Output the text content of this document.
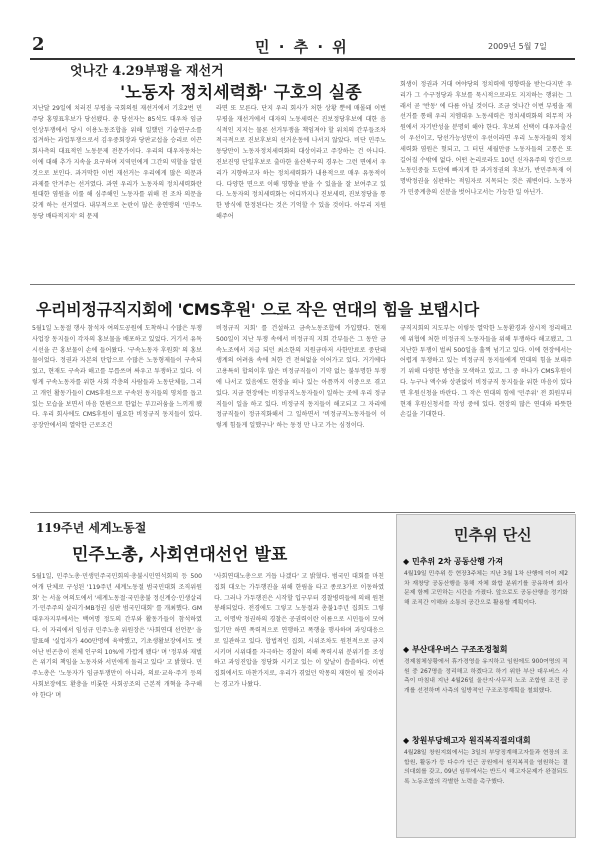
2	민 · 추 · 위	2009년 5월 7일
엇나간 4.29부평을 재선거
'노동자 정치세력화' 구호의 실종
지난달 29일에 치러진 부평을 국회의원 재선거에서 기호2번 민주당 홍영표후보가 당선됐다. 총 당선자는 85석도 대우차 임금인상투쟁에서 당시 이용노동조합을 위해 일했던 기술연구소를 집겨하는 과업투쟁으로서 김우중회장과 당판교섭을 승리로 이끈 회사측의 대표적인 노동문제 전문가이다. 우리의 대우자동차는 이에 대해 추가 지속을 요구하며 지역민에게 그간의 역할을 알린 것으로 보인다. 과거막한 이번 재선거는 우리에게 많은 의문과 과제를 안겨주는 선거였다. 과연 우리가 노동자의 정치세력화란 원대한 염원을 이룰 해 심주해인 노동자를 위해 전 조차 의문을 갖게 하는 선거였다. 내부적으로 논란이 많은 총연맹의 '민주노동당 배타적지지' 의 문제
라면 또 모른다. 단지 우리 회사가 처한 상황 뿐에 매몰돼 이번 부평을 재선거에서 대자의 노동세력은 진보정당후보에 대한 음식적인 지지는 물론 선거투쟁을 책임져야 할 위치의 간부들조차 적극적으로 진보후보의 선거운동에 나서지 않았다. 비단 민주노동당만이 노동자정치세력화의 대상이라고 주장하는 건 아니다. 진보진영 단일후보로 출마한 울산북구의 경우는 그런 면에서 우리가 지향하고자 하는 정치세력화가 내용적으로 매우 유동적이다. 다양한 면으로 이해 영향을 받을 수 있을을 잘 보여주고 있다. 노동자의 정치세력화는 어디까지나 진보세력, 진보정당을 통한 방식에 한정된다는 것은 기억할 수 있을 것이다. 아무리 지원해주어
회생이 정권과 거대 여야당의 정치력에 영향력을 받는다지만 우리가 그 수구정당과 후보를 묵시적으로라도 지지하는 행위는 그래서 곧 '반동' 에 다름 아닐 것이다. 조금 엇나간 이번 부평을 재선거를 통해 우리 지엠대우 노동세력은 정치세력화의 의무적 자원에서 자기반성을 분명히 해야 한다. 후보의 선택이 대우자출신이 우선이고, 당선가능성만이 우선이라면 우리 노동자들의 정치세력화 염원은 헛되고, 그 터딘 세월만큼 노동자들의 고통은 또 길어질 수밖에 없다. 어떤 논리로라도 10년 신자유주의 앙긴으로 노동민중들 도탄에 빠지게 한 과거정권의 후보가, 반민주독재 이명박정권을 심판하는 적임자로 지목되는 것은 궤변이다. 노동자가 민중계층의 신분을 벗어나고서는 가능한 일 아닌가.
우리비정규직지회에 'CMS후원' 으로 작은 연대의 힘을 보탭시다
5월1일 노동절 행사 참석자 여의도공원에 도착하니 수많은 투쟁사업장 동지들이 각자의 홍보물을 배포하고 있었다. 거기서 유독 시선을 끈 홍보물이 손에 들어왔다. '구속노동자 후원회' 의 홍보물이었다. 정권과 자본의 탄압으로 수많은 노동형제들이 구속되었고, 현재도 구속과 해고를 무릅쓰며 싸우고 투쟁하고 있다. 이렇게 구속노동자를 위한 사회 각층의 사람들과 노동단체들, 그리고 개인 활동가들이 CMS후원으로 구속된 동지들의 영치를 돕고 있는 모습을 보면서 마음 한편으로 한없는 부끄러움을 느끼게 됐다. 우리 회사에도 CMS후원이 필요한 비정규직 동지들이 있다. 공장안에서의 열악한 근로조건
비정규직 지회' 를 건설하고 금속노동조합에 가입했다. 현재 500일이 지난 투쟁 속에서 비정규직 지회 간부들은 그 동안 금속노조에서 지급 되던 최소한의 지원금마저 사한만료로 중단돼 생계의 어려움 속에 처한 건 전혀없을 이어가고 있다. 거기에다 고용특히 합의이후 많은 비정규직들이 기약 없는 불투명한 투쟁에 나서고 있음에도 현장을 떠나 있는 아픔까지 이중으로 겪고 있다. 지금 현장에는 비정규직노동자들이 일하는 곳에 우리 정규직들이 일을 하고 있다. 비정규직 동지들이 해고되고 그 자리에 정규직들이 정규직화해서 그 일하면서 '비정규직노동자들이 이렇게 힘들게 일했구나' 하는 동정 만 나고 가는 심정이다.
규직지회의 지도부는 이렇듯 열악한 노동환경과 삼시적 정리해고에 위협에 처한 비정규직 노동자들을 위해 투쟁하다 해고됐고, 그 지난한 투쟁이 벌써 500일을 훌쩍 넘기고 있다. 이에 현장에서는 어렵게 투쟁하고 있는 비정규직 동지들에게 연대의 힘을 보태주기 위해 다양한 방안을 모색하고 있고, 그 중 하나가 CMS후원이다. 누구나 액수와 상관없이 비정규직 동지들을 위한 마음이 있다면 후원신청을 바란다. 그 작은 연대의 힘에 '민주위' 전 회원부터 현재 후원신청서를 작성 중에 있다. 현장의 많은 연대와 따뜻한 손길을 기대한다.
119주년 세계노동절
민주노총, 사회연대선언 발표
5월1일, 민주노총·민생민주국민회의·총불시민연석회의 등 500여개 단체로 구성된 '119주년 세계노동절 범국민대회 조직위원회' 는 서울 여의도에서 '세계노동절·국민총불 정신계승·민생살리기·민주주의 살리기·MB정권 심판 범국민대회' 를 개최했다. GM대우자지부에서는 백여명 정도의 간부와 활동가들이 참석하였다. 이 자리에서 임성규 민주노총 위원장은 '사회연대 선언문' 을 발표해 '실업자가 400만명에 육박했고, 기초생활보장에서도 벗어난 빈곤층이 전체 인구의 10%에 가깝게 됐다' 며 '정부와 재벌은 위기의 책임을 노동자와 서민에게 돌리고 있다' 고 밝혔다. 민주노총은 '노동자가 임금투쟁만이 아니라, 의료·교육·주거 등의 사회보장에도 환충을 비롯한 사회공조의 근본적 개혁을 추구해야 한다' 며
'사회연대노총으로 거듭 나겠다' 고 밝혔다. 범국민 대회를 마친 집회 대오는 가두행진을 위해 한림을 타고 종로3가로 이동하였다. 그러나 가두행진은 시작할 입구부터 경찰병력들에 의해 원천 봉쇄되었다. 전경에도 그렇고 노동절과 총불1주년 집회도 그렇고, 이명박 정권하의 경찰은 공권력이란 이름으로 시민들이 모여 있기만 하면 폭력적으로 연행하고 폭행을 행사하며 과잉대응으로 일관하고 있다. 합법적인 집회, 시위조차도 원천적으로 금지 시키며 시위대를 자극하는 경찰이 의해 폭력시위 분위기를 조성하고 과잉진압을 정당화 시키고 있는 이 앞날이 씁쓸하다. 이번 집회에서도 마찬가지로, 우리가 겪었던 악몽의 재현이 될 것이라는 경고가 나왔다.
민추위 단신
◆ 민추위 2차 공동산행 가져
4월19일 민추위 등 현장3주체는 지난 3월 1차 산행에 이어 제2차 재창당 공동산행을 통해 자체 화합 분위기를 공유하며 회사 문제 함께 고민하는 시간을 가졌다. 앞으로도 공동산행을 정기화 해 조직간 이해와 소통의 공간으로 활용할 계획이다.
◆ 부산대우버스 구조조정철회
경제침체상황에서 휴가경영을 유지하고 임원에도 900여명의 직원 중 267명을 정리해고 하겠다고 하기 위한 부산 대우버스 사측이 마침내 지난 4월26일 울산지·사무직 노조 조합원 조건 공개를 선전하며 사측의 일방적인 구조조정계획을 철회했다.
◆ 창원부당해고자 원직복직결의대회
4월28일 창원지회에서는 3일의 부당징계해고자들과 현장의 조합원, 활동가 등 다수가 인근 공원에서 원직복직을 염원하는 결의대회를 갖고, 09년 임투에서는 반드시 해고자문제가 완결되도록 노동조합의 각별한 노력을 촉구했다.
